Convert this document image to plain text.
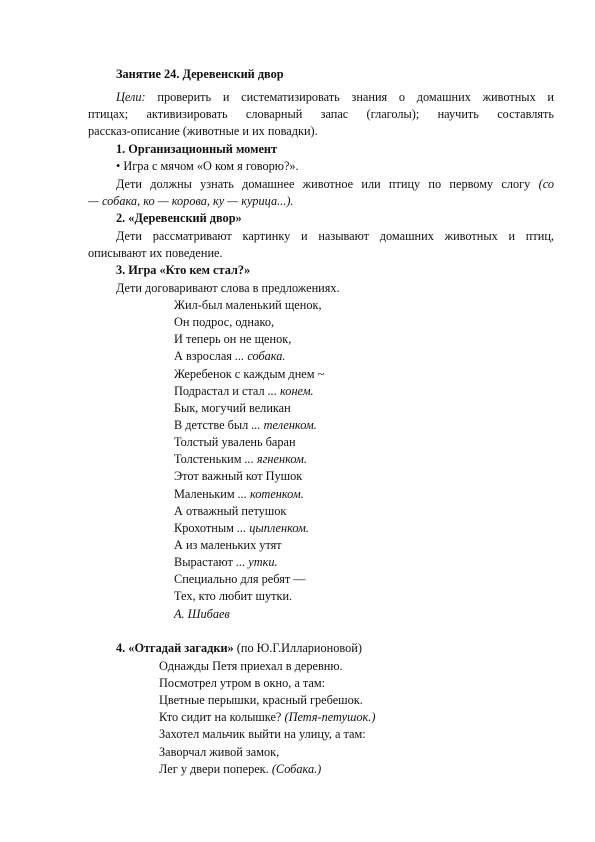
Занятие 24. Деревенский двор
Цели: проверить и систематизировать знания о домашних животных и
птицах; активизировать словарный запас (глаголы); научить составлять
рассказ-описание (животные и их повадки).
1. Организационный момент
• Игра с мячом «О ком я говорю?».
Дети должны узнать домашнее животное или птицу по первому слогу (со
— собака, ко — корова, ку — курица...).
2. «Деревенский двор»
Дети рассматривают картинку и называют домашних животных и птиц,
описывают их поведение.
3. Игра «Кто кем стал?»
Дети договаривают слова в предложениях.
Жил-был маленький щенок,
Он подрос, однако,
И теперь он не щенок,
А взрослая ... собака.
Жеребенок с каждым днем ~
Подрастал и стал ... конем.
Бык, могучий великан
В детстве был ... теленком.
Толстый увалень баран
Толстеньким ... ягненком.
Этот важный кот Пушок
Маленьким ... котенком.
А отважный петушок
Крохотным ... цыпленком.
А из маленьких утят
Вырастают ... утки.
Специально для ребят —
Тех, кто любит шутки.
А. Шибаев
4. «Отгадай загадки» (по Ю.Г.Илларионовой)
Однажды Петя приехал в деревню.
Посмотрел утром в окно, а там:
Цветные перышки, красный гребешок.
Кто сидит на колышке? (Петя-петушок.)
Захотел мальчик выйти на улицу, а там:
Заворчал живой замок,
Лег у двери поперек. (Собака.)
